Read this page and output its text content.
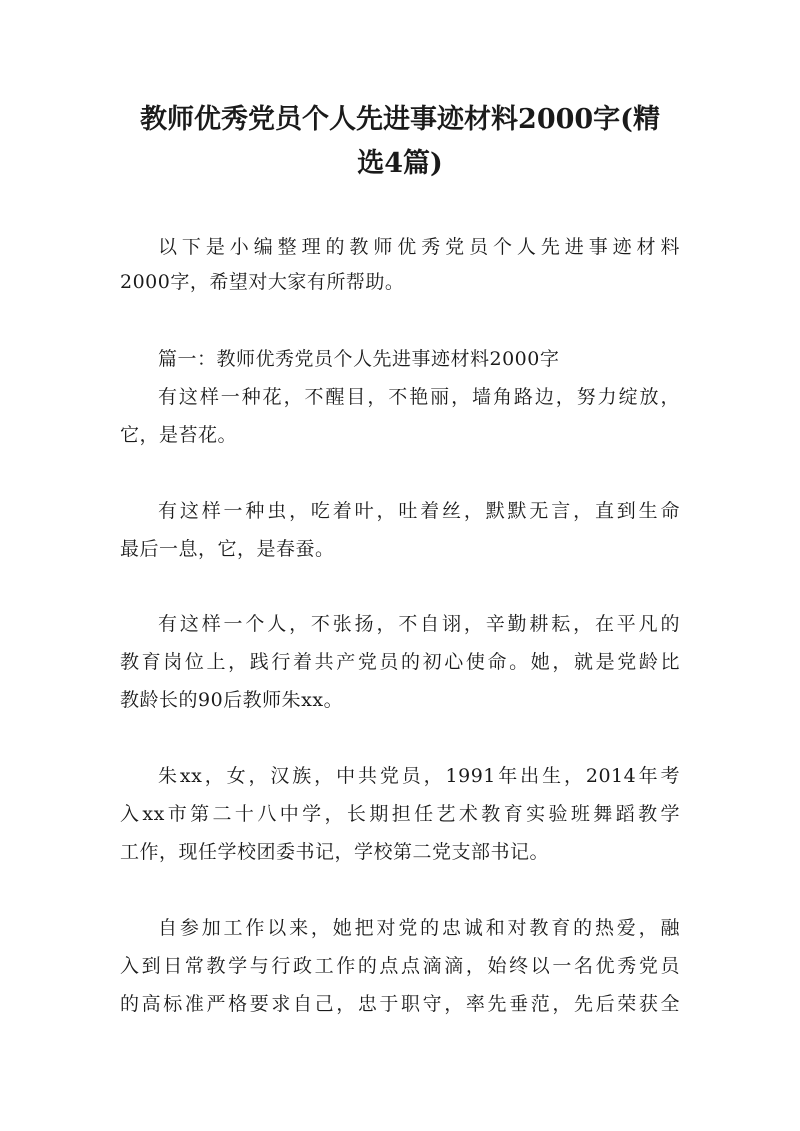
教师优秀党员个人先进事迹材料2000字(精
选4篇)
以下是小编整理的教师优秀党员个人先进事迹材料
2000字，希望对大家有所帮助。
篇一：教师优秀党员个人先进事迹材料2000字
有这样一种花，不醒目，不艳丽，墙角路边，努力绽放，
它，是苔花。
有这样一种虫，吃着叶，吐着丝，默默无言，直到生命
最后一息，它，是春蚕。
有这样一个人，不张扬，不自诩，辛勤耕耘，在平凡的
教育岗位上，践行着共产党员的初心使命。她，就是党龄比
教龄长的90后教师朱xx。
朱xx，女，汉族，中共党员，1991年出生，2014年考
入xx市第二十八中学，长期担任艺术教育实验班舞蹈教学
工作，现任学校团委书记，学校第二党支部书记。
自参加工作以来，她把对党的忠诚和对教育的热爱，融
入到日常教学与行政工作的点点滴滴，始终以一名优秀党员
的高标准严格要求自己，忠于职守，率先垂范，先后荣获全
